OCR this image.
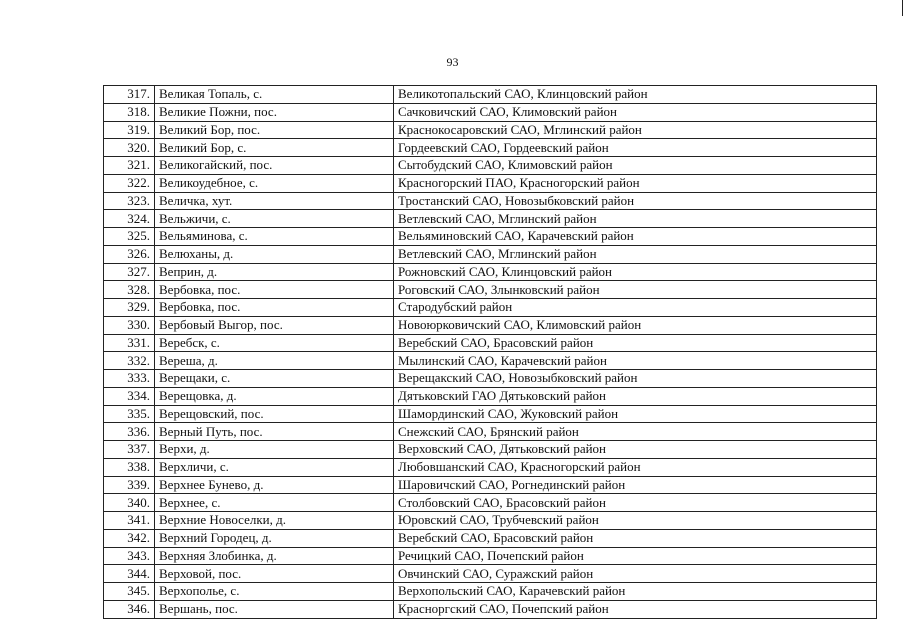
93
317.	Великая Топаль, с.	Великотопальский САО, Клинцовский район
318.	Великие Пожни, пос.	Сачковичский САО, Климовский район
319.	Великий Бор, пос.	Краснокосаровский САО, Мглинский район
320.	Великий Бор, с.	Гордеевский САО, Гордеевский район
321.	Великогайский, пос.	Сытобудский САО, Климовский район
322.	Великоудебное, с.	Красногорский ПАО, Красногорский район
323.	Величка, хут.	Тростанский САО, Новозыбковский район
324.	Вельжичи, с.	Ветлевский САО, Мглинский район
325.	Вельяминова, с.	Вельяминовский САО, Карачевский район
326.	Велюханы, д.	Ветлевский САО, Мглинский район
327.	Веприн, д.	Рожновский САО, Клинцовский район
328.	Вербовка, пос.	Роговский САО, Злынковский район
329.	Вербовка, пос.	Стародубский район
330.	Вербовый Выгор, пос.	Новоюрковичский САО, Климовский район
331.	Веребск, с.	Веребский САО, Брасовский район
332.	Вереша, д.	Мылинский САО, Карачевский район
333.	Верещаки, с.	Верещакский САО, Новозыбковский район
334.	Верещовка, д.	Дятьковский ГАО Дятьковский район
335.	Верещовский, пос.	Шамординский САО, Жуковский район
336.	Верный Путь, пос.	Снежский САО, Брянский район
337.	Верхи, д.	Верховский САО, Дятьковский район
338.	Верхличи, с.	Любовшанский САО, Красногорский район
339.	Верхнее Бунево, д.	Шаровичский САО, Рогнединский район
340.	Верхнее, с.	Столбовский САО, Брасовский район
341.	Верхние Новоселки, д.	Юровский САО, Трубчевский район
342.	Верхний Городец, д.	Веребский САО, Брасовский район
343.	Верхняя Злобинка, д.	Речицкий САО, Почепский район
344.	Верховой, пос.	Овчинский САО, Суражский район
345.	Верхополье, с.	Верхопольский САО, Карачевский район
346.	Вершань, пос.	Красноргский САО, Почепский район
